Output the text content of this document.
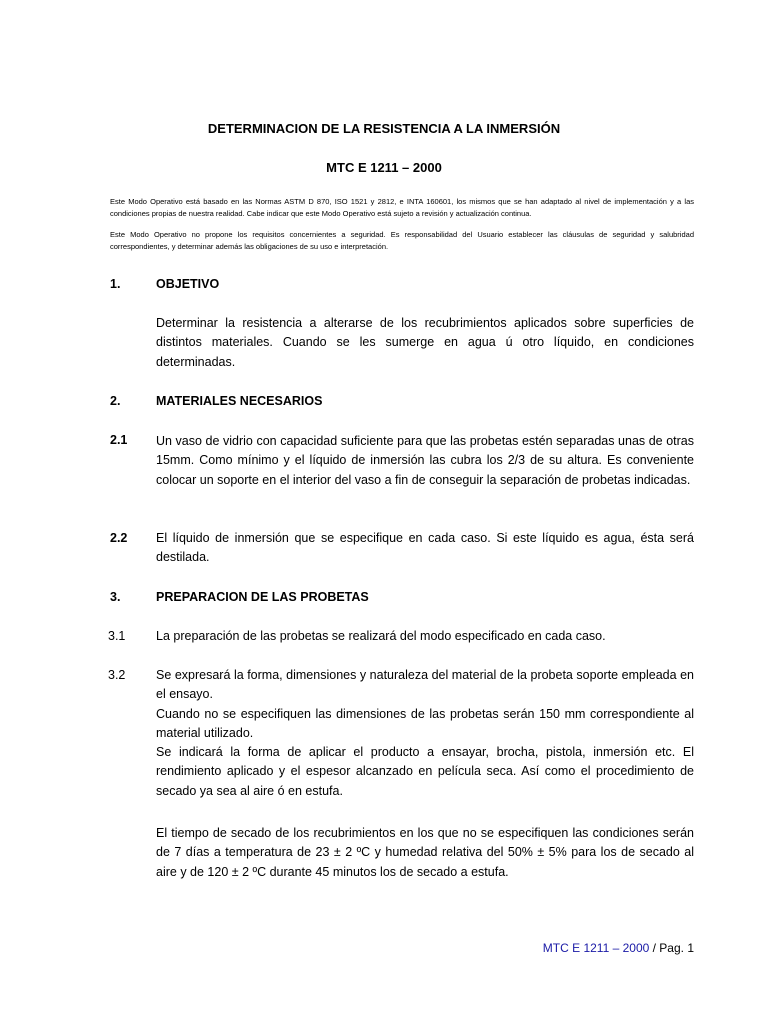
DETERMINACION DE LA RESISTENCIA A LA INMERSIÓN
MTC E 1211 – 2000

Este Modo Operativo está basado en las Normas ASTM D 870, ISO 1521 y 2812, e INTA 160601, los mismos que se han adaptado al nivel de implementación y a las condiciones propias de nuestra realidad. Cabe indicar que este Modo Operativo está sujeto a revisión y actualización continua.

Este Modo Operativo no propone los requisitos concernientes a seguridad. Es responsabilidad del Usuario establecer las cláusulas de seguridad y salubridad correspondientes, y determinar además las obligaciones de su uso e interpretación.

1.	OBJETIVO
Determinar la resistencia a alterarse de los recubrimientos aplicados sobre superficies de distintos materiales. Cuando se les sumerge en agua ú otro líquido, en condiciones determinadas.
2.	MATERIALES NECESARIOS
2.1 Un vaso de vidrio con capacidad suficiente para que las probetas estén separadas unas de otras 15mm. Como mínimo y el líquido de inmersión las cubra los 2/3 de su altura. Es conveniente colocar un soporte en el interior del vaso a fin de conseguir la separación de probetas indicadas.
2.2 El líquido de inmersión que se especifique en cada caso. Si este líquido es agua, ésta será destilada.
3.	PREPARACION DE LAS PROBETAS
3.1 La preparación de las probetas se realizará del modo especificado en cada caso.
3.2 Se expresará la forma, dimensiones y naturaleza del material de la probeta soporte empleada en el ensayo.
Cuando no se especifiquen las dimensiones de las probetas serán 150 mm correspondiente al material utilizado.
Se indicará la forma de aplicar el producto a ensayar, brocha, pistola, inmersión etc. El rendimiento aplicado y el espesor alcanzado en película seca. Así como el procedimiento de secado ya sea al aire ó en estufa.
El tiempo de secado de los recubrimientos en los que no se especifiquen las condiciones serán de 7 días a temperatura de 23 ± 2 ºC y humedad relativa del 50% ± 5% para los de secado al aire y de 120 ± 2 ºC durante 45 minutos los de secado a estufa.
MTC E 1211 – 2000 / Pag. 1
